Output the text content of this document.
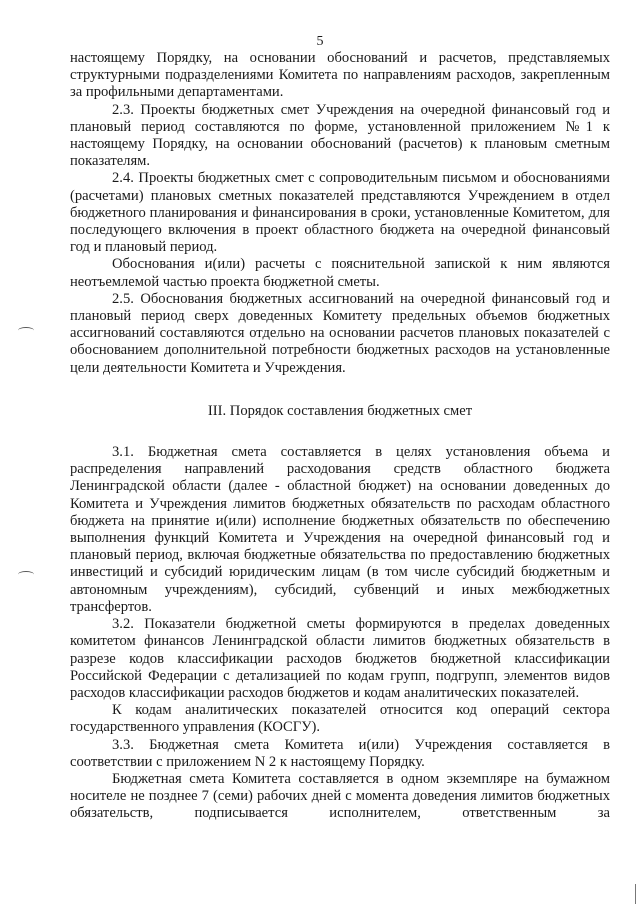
5

настоящему Порядку, на основании обоснований и расчетов, представляемых структурными подразделениями Комитета по направлениям расходов, закрепленным за профильными департаментами.

2.3. Проекты бюджетных смет Учреждения на очередной финансовый год и плановый период составляются по форме, установленной приложением №1 к настоящему Порядку, на основании обоснований (расчетов) к плановым сметным показателям.

2.4. Проекты бюджетных смет с сопроводительным письмом и обоснованиями (расчетами) плановых сметных показателей представляются Учреждением в отдел бюджетного планирования и финансирования в сроки, установленные Комитетом, для последующего включения в проект областного бюджета на очередной финансовый год и плановый период.

Обоснования и(или) расчеты с пояснительной запиской к ним являются неотъемлемой частью проекта бюджетной сметы.

2.5. Обоснования бюджетных ассигнований на очередной финансовый год и плановый период сверх доведенных Комитету предельных объемов бюджетных ассигнований составляются отдельно на основании расчетов плановых показателей с обоснованием дополнительной потребности бюджетных расходов на установленные цели деятельности Комитета и Учреждения.

III. Порядок составления бюджетных смет

3.1. Бюджетная смета составляется в целях установления объема и распределения направлений расходования средств областного бюджета Ленинградской области (далее - областной бюджет) на основании доведенных до Комитета и Учреждения лимитов бюджетных обязательств по расходам областного бюджета на принятие и(или) исполнение бюджетных обязательств по обеспечению выполнения функций Комитета и Учреждения на очередной финансовый год и плановый период, включая бюджетные обязательства по предоставлению бюджетных инвестиций и субсидий юридическим лицам (в том числе субсидий бюджетным и автономным учреждениям), субсидий, субвенций и иных межбюджетных трансфертов.

3.2. Показатели бюджетной сметы формируются в пределах доведенных комитетом финансов Ленинградской области лимитов бюджетных обязательств в разрезе кодов классификации расходов бюджетов бюджетной классификации Российской Федерации с детализацией по кодам групп, подгрупп, элементов видов расходов классификации расходов бюджетов и кодам аналитических показателей.

К кодам аналитических показателей относится код операций сектора государственного управления (КОСГУ).

3.3. Бюджетная смета Комитета и(или) Учреждения составляется в соответствии с приложением N 2 к настоящему Порядку.

Бюджетная смета Комитета составляется в одном экземпляре на бумажном носителе не позднее 7 (семи) рабочих дней с момента доведения лимитов бюджетных обязательств, подписывается исполнителем, ответственным за
